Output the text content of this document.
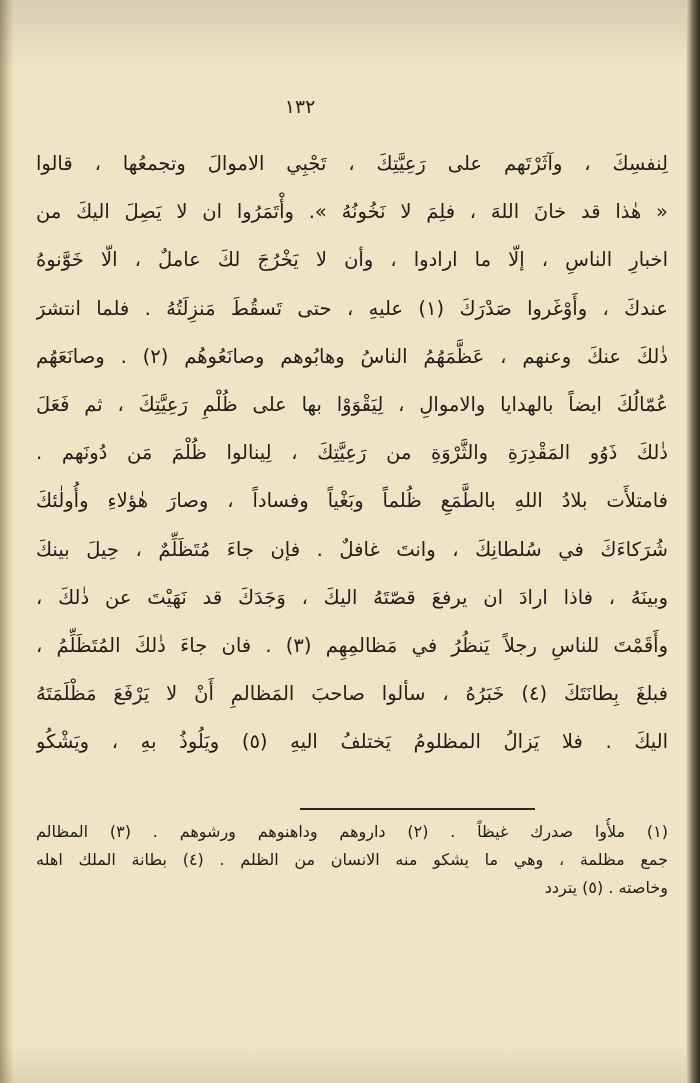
١٣٢
لِنفسِكَ ، وآثَرْتَهم على رَعِيَّتِكَ ، تَجْبِي الاموالَ وتجمعُها ، قالوا
« هٰذا قد خانَ اللهَ ، فلِمَ لا نَخُونُهُ ». وأْتَمَرُوا ان لا يَصِلَ اليكَ من
اخبارِ الناسِ ، إلّا ما ارادوا ، وأن لا يَخْرُجَ لكَ عاملٌ ، الّا خَوَّنوهُ
عندكَ ، وأَوْغَروا صَدْرَكَ (١) عليهِ ، حتى تَسقُطَ مَنزِلَتُهُ . فلما انتشرَ
ذٰلكَ عنكَ وعنهم ، عَظَّمَهُمُ الناسُ وهابُوهم وصانَعُوهُم (٢) . وصانَعَهُم
عُمّالُكَ ايضاً بالهدايا والاموالِ ، لِيَقْوَوْا بها على ظُلْمِ رَعِيَّتِكَ ، ثم فَعَلَ
ذٰلكَ ذَوُو المَقْدِرَةِ والثَّرْوَةِ من رَعِيَّتِكَ ، لِينالوا ظُلْمَ مَن دُونَهم .
فامتلأَت بلادُ اللهِ بالطَّمَعِ ظُلماً وبَغْياً وفساداً ، وصارَ هٰؤلاءِ وأُولٰئكَ
شُرَكاءَكَ في سُلطانِكَ ، وانتَ غافلٌ . فإن جاءَ مُتَظَلِّمٌ ، حِيلَ بينكَ
وبينَهُ ، فاذا ارادَ ان يرفعَ قصّتَهُ اليكَ ، وَجَدَكَ قد نَهَيْتَ عن ذٰلكَ ،
وأَقَمْتَ للناسِ رجلاً يَنظُرُ في مَظالمِهِم (٣) . فان جاءَ ذٰلكَ المُتَظَلِّمُ ،
فبلغَ بِطانَتَكَ (٤) خَبَرُهُ ، سألوا صاحبَ المَظالمِ أَنْ لا يَرْفَعَ مَظْلَمَتَهُ
اليكَ . فلا يَزالُ المظلومُ يَختلفُ اليهِ (٥) ويَلُوذُ بهِ ، ويَشْكُو
(١) ملأُوا صدرك غيظاً . (٢) داروهم وداهنوهم ورشوهم . (٣) المظالم
جمع مظلمة ، وهي ما يشكو منه الانسان من الظلم . (٤) بطانة الملك اهله
وخاصته . (٥) يتردد
